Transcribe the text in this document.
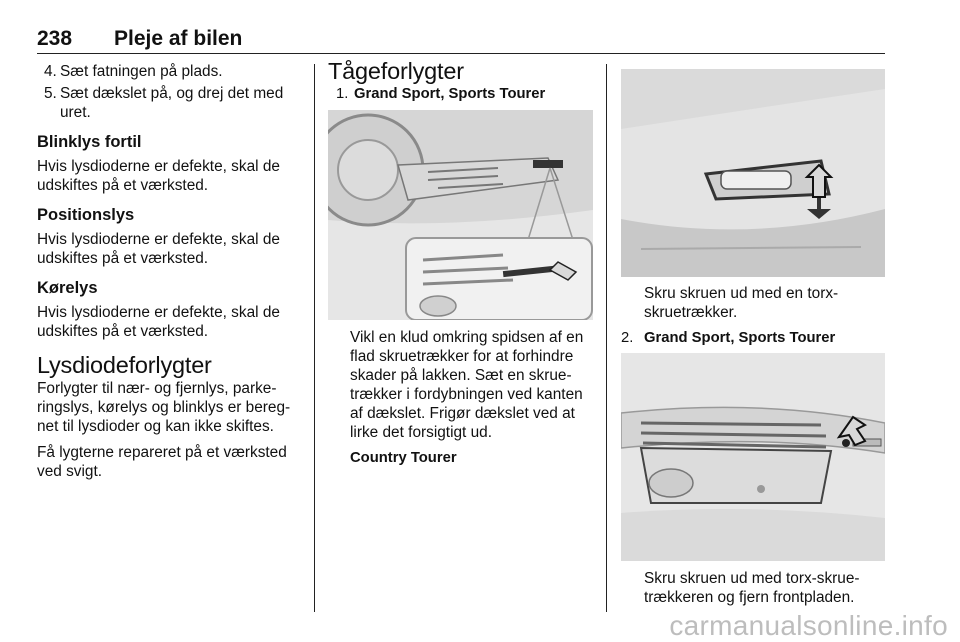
238 Pleje af bilen
4. Sæt fatningen på plads.
5. Sæt dækslet på, og drej det med uret.
Blinklys fortil

Hvis lysdioderne er defekte, skal de udskiftes på et værksted.

Positionslys

Hvis lysdioderne er defekte, skal de udskiftes på et værksted.

Kørelys

Hvis lysdioderne er defekte, skal de udskiftes på et værksted.

Lysdiodeforlygter

Forlygter til nær- og fjernlys, parke-ringslys, kørelys og blinklys er bereg-net til lysdioder og kan ikke skiftes.

Få lygterne repareret på et værksted ved svigt.

Tågeforlygter
1. Grand Sport, Sports Tourer

Vikl en klud omkring spidsen af en flad skruetrækker for at forhindre skader på lakken. Sæt en skrue-trækker i fordybningen ved kanten af dækslet. Frigør dækslet ved at lirke det forsigtigt ud.

Country Tourer

Skru skruen ud med en torx-skruetrækker.

2. Grand Sport, Sports Tourer

Skru skruen ud med torx-skrue-trækkeren og fjern frontpladen.

carmanualsonline.info
